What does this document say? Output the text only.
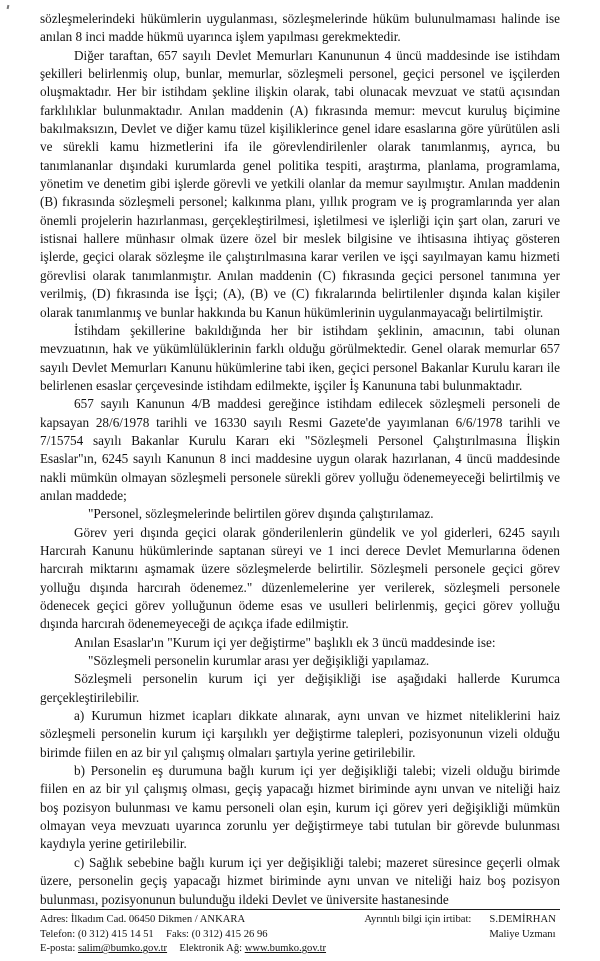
sözleşmelerindeki hükümlerin uygulanması, sözleşmelerinde hüküm bulunulmaması halinde ise anılan 8 inci madde hükmü uyarınca işlem yapılması gerekmektedir.

Diğer taraftan, 657 sayılı Devlet Memurları Kanununun 4 üncü maddesinde ise istihdam şekilleri belirlenmiş olup, bunlar, memurlar, sözleşmeli personel, geçici personel ve işçilerden oluşmaktadır. Her bir istihdam şekline ilişkin olarak, tabi olunacak mevzuat ve statü açısından farklılıklar bulunmaktadır. Anılan maddenin (A) fıkrasında memur: mevcut kuruluş biçimine bakılmaksızın, Devlet ve diğer kamu tüzel kişiliklerince genel idare esaslarına göre yürütülen asli ve sürekli kamu hizmetlerini ifa ile görevlendirilenler olarak tanımlanmış, ayrıca, bu tanımlananlar dışındaki kurumlarda genel politika tespiti, araştırma, planlama, programlama, yönetim ve denetim gibi işlerde görevli ve yetkili olanlar da memur sayılmıştır. Anılan maddenin (B) fıkrasında sözleşmeli personel; kalkınma planı, yıllık program ve iş programlarında yer alan önemli projelerin hazırlanması, gerçekleştirilmesi, işletilmesi ve işlerliği için şart olan, zaruri ve istisnai hallere münhasır olmak üzere özel bir meslek bilgisine ve ihtisasına ihtiyaç gösteren işlerde, geçici olarak sözleşme ile çalıştırılmasına karar verilen ve işçi sayılmayan kamu hizmeti görevlisi olarak tanımlanmıştır. Anılan maddenin (C) fıkrasında geçici personel tanımına yer verilmiş, (D) fıkrasında ise İşçi; (A), (B) ve (C) fıkralarında belirtilenler dışında kalan kişiler olarak tanımlanmış ve bunlar hakkında bu Kanun hükümlerinin uygulanmayacağı belirtilmiştir.

İstihdam şekillerine bakıldığında her bir istihdam şeklinin, amacının, tabi olunan mevzuatının, hak ve yükümlülüklerinin farklı olduğu görülmektedir. Genel olarak memurlar 657 sayılı Devlet Memurları Kanunu hükümlerine tabi iken, geçici personel Bakanlar Kurulu kararı ile belirlenen esaslar çerçevesinde istihdam edilmekte, işçiler İş Kanununa tabi bulunmaktadır.

657 sayılı Kanunun 4/B maddesi gereğince istihdam edilecek sözleşmeli personeli de kapsayan 28/6/1978 tarihli ve 16330 sayılı Resmi Gazete'de yayımlanan 6/6/1978 tarihli ve 7/15754 sayılı Bakanlar Kurulu Kararı eki "Sözleşmeli Personel Çalıştırılmasına İlişkin Esaslar"ın, 6245 sayılı Kanunun 8 inci maddesine uygun olarak hazırlanan, 4 üncü maddesinde nakli mümkün olmayan sözleşmeli personele sürekli görev yolluğu ödenemeyeceği belirtilmiş ve anılan maddede;

"Personel, sözleşmelerinde belirtilen görev dışında çalıştırılamaz.

Görev yeri dışında geçici olarak gönderilenlerin gündelik ve yol giderleri, 6245 sayılı Harcırah Kanunu hükümlerinde saptanan süreyi ve 1 inci derece Devlet Memurlarına ödenen harcırah miktarını aşmamak üzere sözleşmelerde belirtilir. Sözleşmeli personele geçici görev yolluğu dışında harcırah ödenemez." düzenlemelerine yer verilerek, sözleşmeli personele ödenecek geçici görev yolluğunun ödeme esas ve usulleri belirlenmiş, geçici görev yolluğu dışında harcırah ödenemeyeceği de açıkça ifade edilmiştir.

Anılan Esaslar'ın "Kurum içi yer değiştirme" başlıklı ek 3 üncü maddesinde ise:

"Sözleşmeli personelin kurumlar arası yer değişikliği yapılamaz.

Sözleşmeli personelin kurum içi yer değişikliği ise aşağıdaki hallerde Kurumca gerçekleştirilebilir.

a) Kurumun hizmet icapları dikkate alınarak, aynı unvan ve hizmet niteliklerini haiz sözleşmeli personelin kurum içi karşılıklı yer değiştirme talepleri, pozisyonunun vizeli olduğu birimde fiilen en az bir yıl çalışmış olmaları şartıyla yerine getirilebilir.

b) Personelin eş durumuna bağlı kurum içi yer değişikliği talebi; vizeli olduğu birimde fiilen en az bir yıl çalışmış olması, geçiş yapacağı hizmet biriminde aynı unvan ve niteliği haiz boş pozisyon bulunması ve kamu personeli olan eşin, kurum içi görev yeri değişikliği mümkün olmayan veya mevzuatı uyarınca zorunlu yer değiştirmeye tabi tutulan bir görevde bulunması kaydıyla yerine getirilebilir.

c) Sağlık sebebine bağlı kurum içi yer değişikliği talebi; mazeret süresince geçerli olmak üzere, personelin geçiş yapacağı hizmet biriminde aynı unvan ve niteliği haiz boş pozisyon bulunması, pozisyonunun bulunduğu ildeki Devlet ve üniversite hastanesinde

Adres: İlkadım Cad. 06450 Dikmen / ANKARA
Telefon: (0 312) 415 14 51 Faks: (0 312) 415 26 96
E-posta: salim@bumko.gov.tr Elektronik Ağ: www.bumko.gov.tr
Ayrıntılı bilgi için irtibat:	S.DEMİRHAN
Maliye Uzmanı
